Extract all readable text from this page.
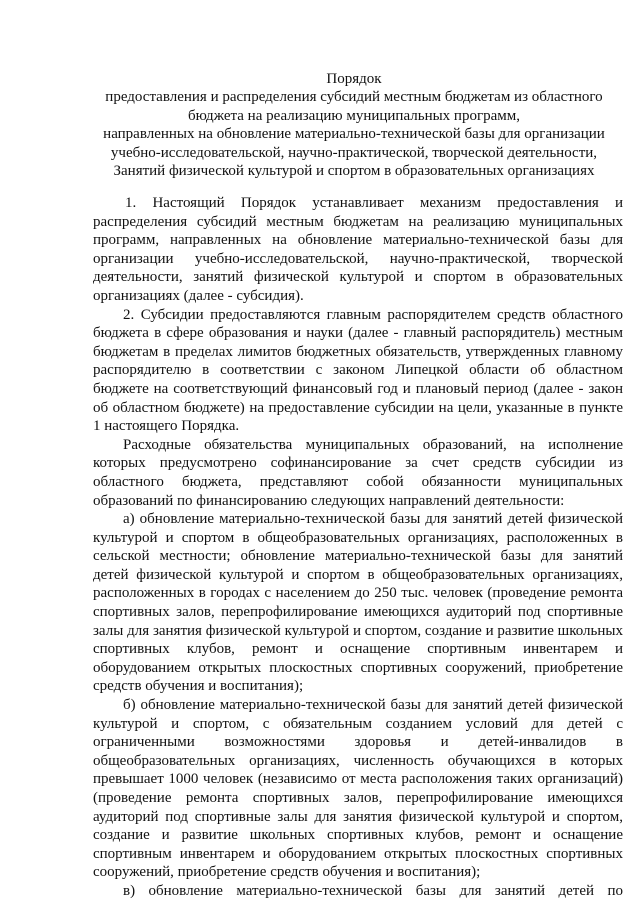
Порядок
предоставления и распределения субсидий местным бюджетам из областного
бюджета на реализацию муниципальных программ,
направленных на обновление материально-технической базы для организации
учебно-исследовательской, научно-практической, творческой деятельности,
Занятий физической культурой и спортом в образовательных организациях

1. Настоящий Порядок устанавливает механизм предоставления и распределения субсидий местным бюджетам на реализацию муниципальных программ, направленных на обновление материально-технической базы для организации учебно-исследовательской, научно-практической, творческой деятельности, занятий физической культурой и спортом в образовательных организациях (далее - субсидия).

2. Субсидии предоставляются главным распорядителем средств областного бюджета в сфере образования и науки (далее - главный распорядитель) местным бюджетам в пределах лимитов бюджетных обязательств, утвержденных главному распорядителю в соответствии с законом Липецкой области об областном бюджете на соответствующий финансовый год и плановый период (далее - закон об областном бюджете) на предоставление субсидии на цели, указанные в пункте 1 настоящего Порядка.

Расходные обязательства муниципальных образований, на исполнение которых предусмотрено софинансирование за счет средств субсидии из областного бюджета, представляют собой обязанности муниципальных образований по финансированию следующих направлений деятельности:

а) обновление материально-технической базы для занятий детей физической культурой и спортом в общеобразовательных организациях, расположенных в сельской местности; обновление материально-технической базы для занятий детей физической культурой и спортом в общеобразовательных организациях, расположенных в городах с населением до 250 тыс. человек (проведение ремонта спортивных залов, перепрофилирование имеющихся аудиторий под спортивные залы для занятия физической культурой и спортом, создание и развитие школьных спортивных клубов, ремонт и оснащение спортивным инвентарем и оборудованием открытых плоскостных спортивных сооружений, приобретение средств обучения и воспитания);

б) обновление материально-технической базы для занятий детей физической культурой и спортом, с обязательным созданием условий для детей с ограниченными возможностями здоровья и детей-инвалидов в общеобразовательных организациях, численность обучающихся в которых превышает 1000 человек (независимо от места расположения таких организаций) (проведение ремонта спортивных залов, перепрофилирование имеющихся аудиторий под спортивные залы для занятия физической культурой и спортом, создание и развитие школьных спортивных клубов, ремонт и оснащение спортивным инвентарем и оборудованием открытых плоскостных спортивных сооружений, приобретение средств обучения и воспитания);

в) обновление материально-технической базы для занятий детей по
